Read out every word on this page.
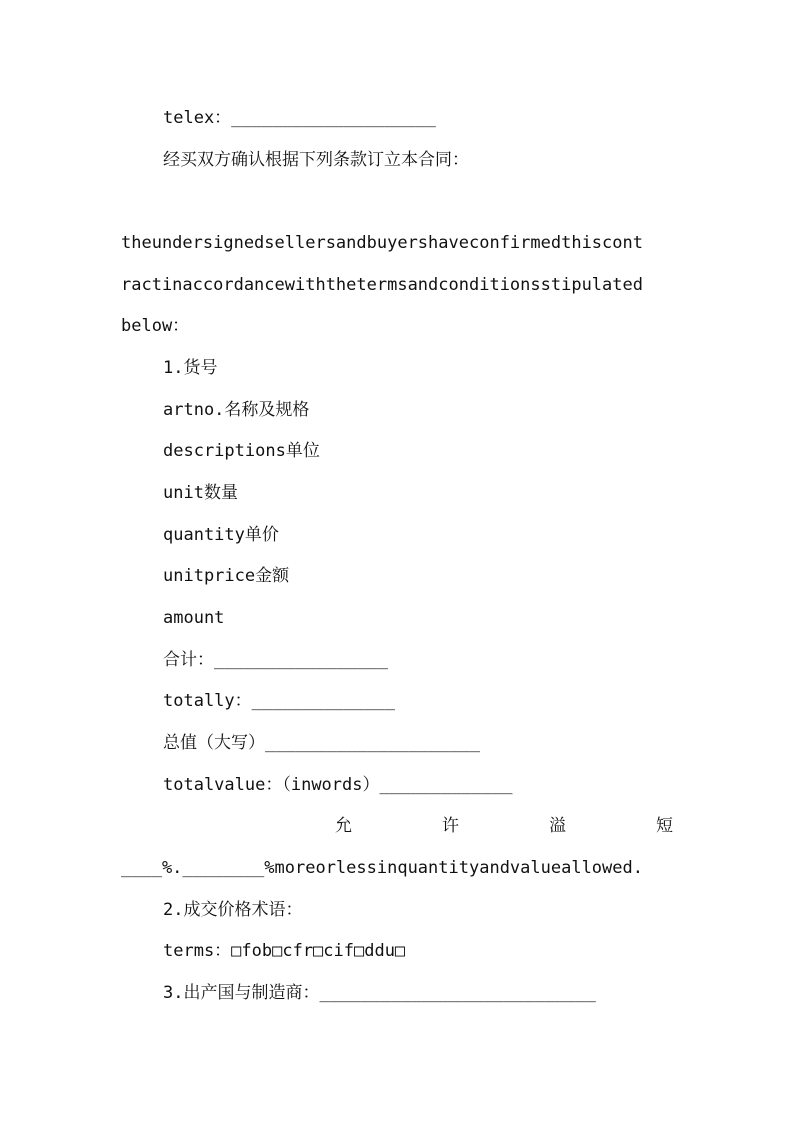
telex：____________________
经买双方确认根据下列条款订立本合同：
theundersignedsellersandbuyershaveconfirmedthiscont
ractinaccordancewiththetermsandconditionsstipulated
below：
1.货号
artno.名称及规格
descriptions单位
unit数量
quantity单价
unitprice金额
amount
合计：_________________
totally：______________
总值（大写）_____________________
totalvalue：（inwords）_____________
允	许	溢	短
____%.________%moreorlessinquantityandvalueallowed.
2.成交价格术语：
terms：□fob□cfr□cif□ddu□
3.出产国与制造商：___________________________
